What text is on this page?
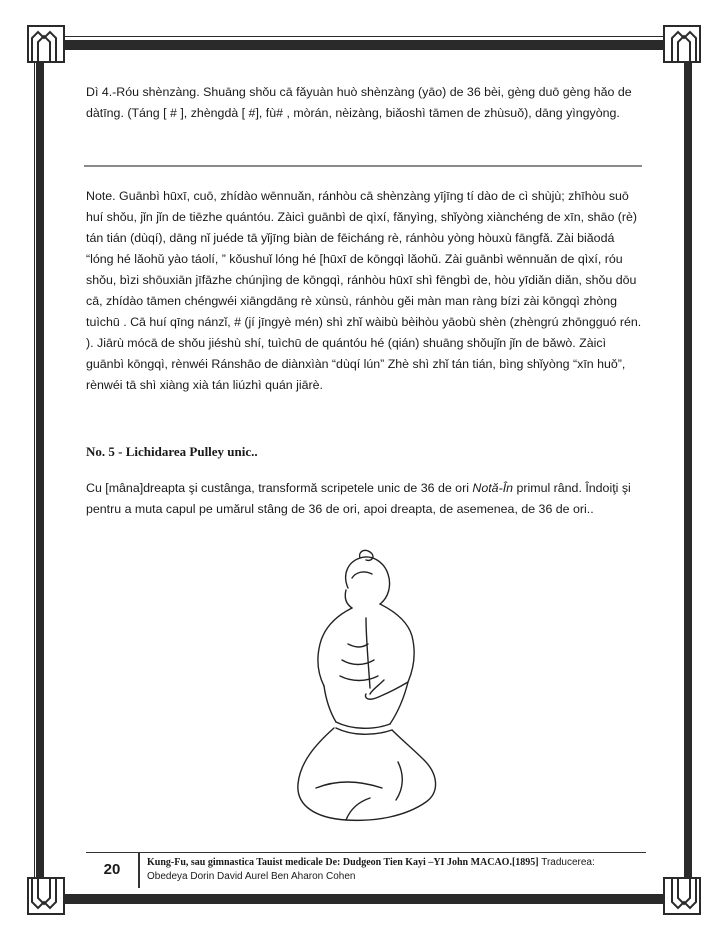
Dì 4.-Róu shènzàng. Shuāng shǒu cā fǎyuàn huò shènzàng (yāo) de 36 bèi, gèng duō gèng hǎo de dàtīng. (Táng [ # ], zhèngdà [ #], fù# , mòrán, nèizàng, biǎoshì tāmen de zhùsuǒ), dāng yìngyòng.

Note. Guānbì hūxī, cuō, zhídào wēnnuǎn, ránhòu cā shènzàng yījīng tí dào de cì shùjù; zhīhòu suō huí shǒu, jǐn jǐn de tiēzhe quántóu. Zàicì guānbì de qìxí, fǎnyìng, shǐyòng xiànchéng de xīn, shāo (rè) tán tián (dùqí), dāng nǐ juéde tā yǐjīng biàn de fēicháng rè, ránhòu yòng hòuxù fāngfǎ. Zài biǎodá “lóng hé lǎohǔ yào táolí, ” kǒushuǐ lóng hé [hūxī de kōngqì lǎohǔ. Zài guānbì wēnnuǎn de qìxí, róu shǒu, bìzi shōuxiān jīfāzhe chúnjìng de kōngqì, ránhòu hūxī shì fēngbì de, hòu yīdiǎn diǎn, shǒu dōu cā, zhídào tāmen chéngwéi xiāngdāng rè xùnsù, ránhòu gěi màn man ràng bízi zài kōngqì zhòng tuìchū . Cā huí qīng nánzǐ, # (jí jīngyè mén) shì zhǐ wàibù bèihòu yāobù shèn (zhèngrú zhōngguó rén. ). Jiārù mócā de shǒu jiéshù shí, tuìchū de quántóu hé (qián) shuāng shǒujǐn jǐn de bǎwò. Zàicì guānbì kōngqì, rènwéi Ránshāo de diànxìàn “dùqí lún” Zhè shì zhǐ tán tián, bìng shǐyòng “xīn huǒ”, rènwéi tā shì xiàng xià tán liúzhì quán jiārè.

No. 5 - Lichidarea Pulley unic..

Cu [mâna]dreapta şi custânga, transformă scripetele unic de 36 de ori Notă-În primul rând. Îndoiţi şi pentru a muta capul pe umărul stâng de 36 de ori, apoi dreapta, de asemenea, de 36 de ori..

20	Kung-Fu, sau gimnastica Tauist medicale De: Dudgeon Tien Kayi –YI John MACAO.[1895] Traducerea:
Obedeya Dorin David Aurel Ben Aharon Cohen
